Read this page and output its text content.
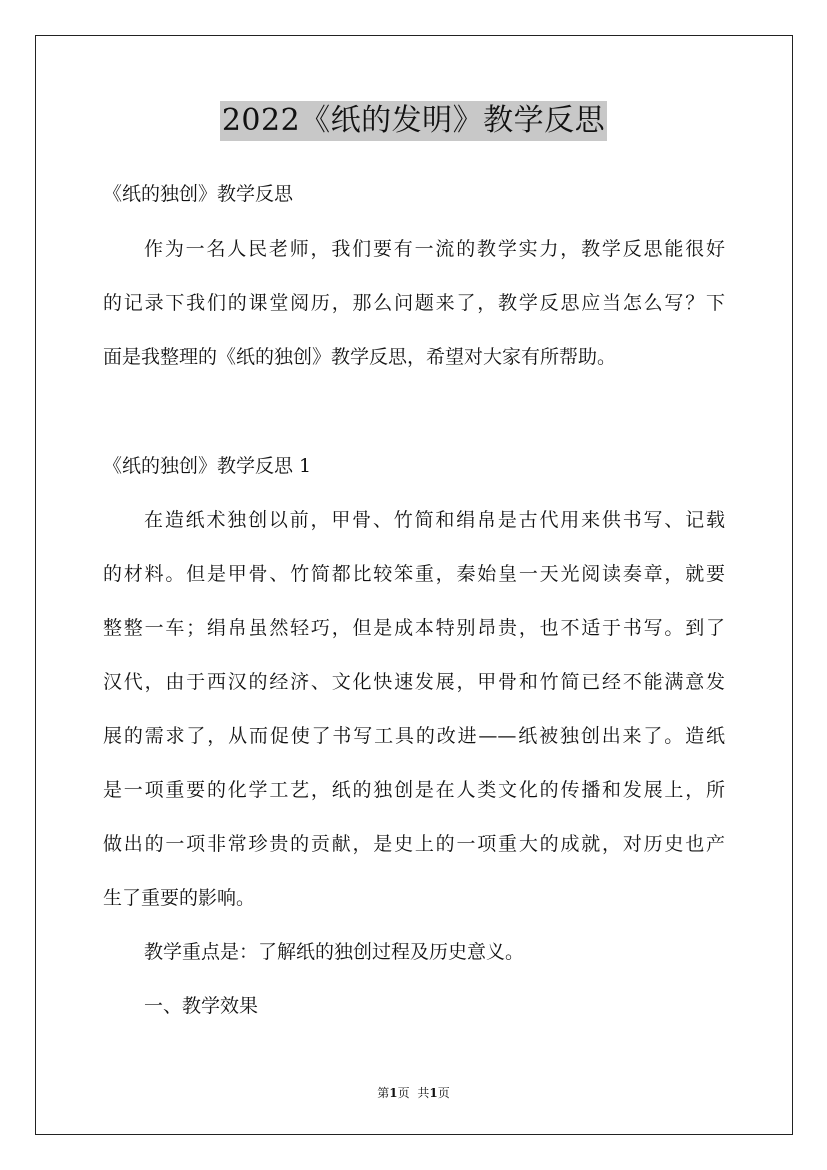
2022《纸的发明》教学反思

《纸的独创》教学反思

作为一名人民老师，我们要有一流的教学实力，教学反思能很好

的记录下我们的课堂阅历，那么问题来了，教学反思应当怎么写？下

面是我整理的《纸的独创》教学反思，希望对大家有所帮助。

《纸的独创》教学反思 1

在造纸术独创以前，甲骨、竹简和绢帛是古代用来供书写、记载

的材料。但是甲骨、竹简都比较笨重，秦始皇一天光阅读奏章，就要

整整一车；绢帛虽然轻巧，但是成本特别昂贵，也不适于书写。到了

汉代，由于西汉的经济、文化快速发展，甲骨和竹简已经不能满意发

展的需求了，从而促使了书写工具的改进——纸被独创出来了。造纸

是一项重要的化学工艺，纸的独创是在人类文化的传播和发展上，所

做出的一项非常珍贵的贡献，是史上的一项重大的成就，对历史也产

生了重要的影响。

教学重点是：了解纸的独创过程及历史意义。

一、教学效果

第1页 共1页
